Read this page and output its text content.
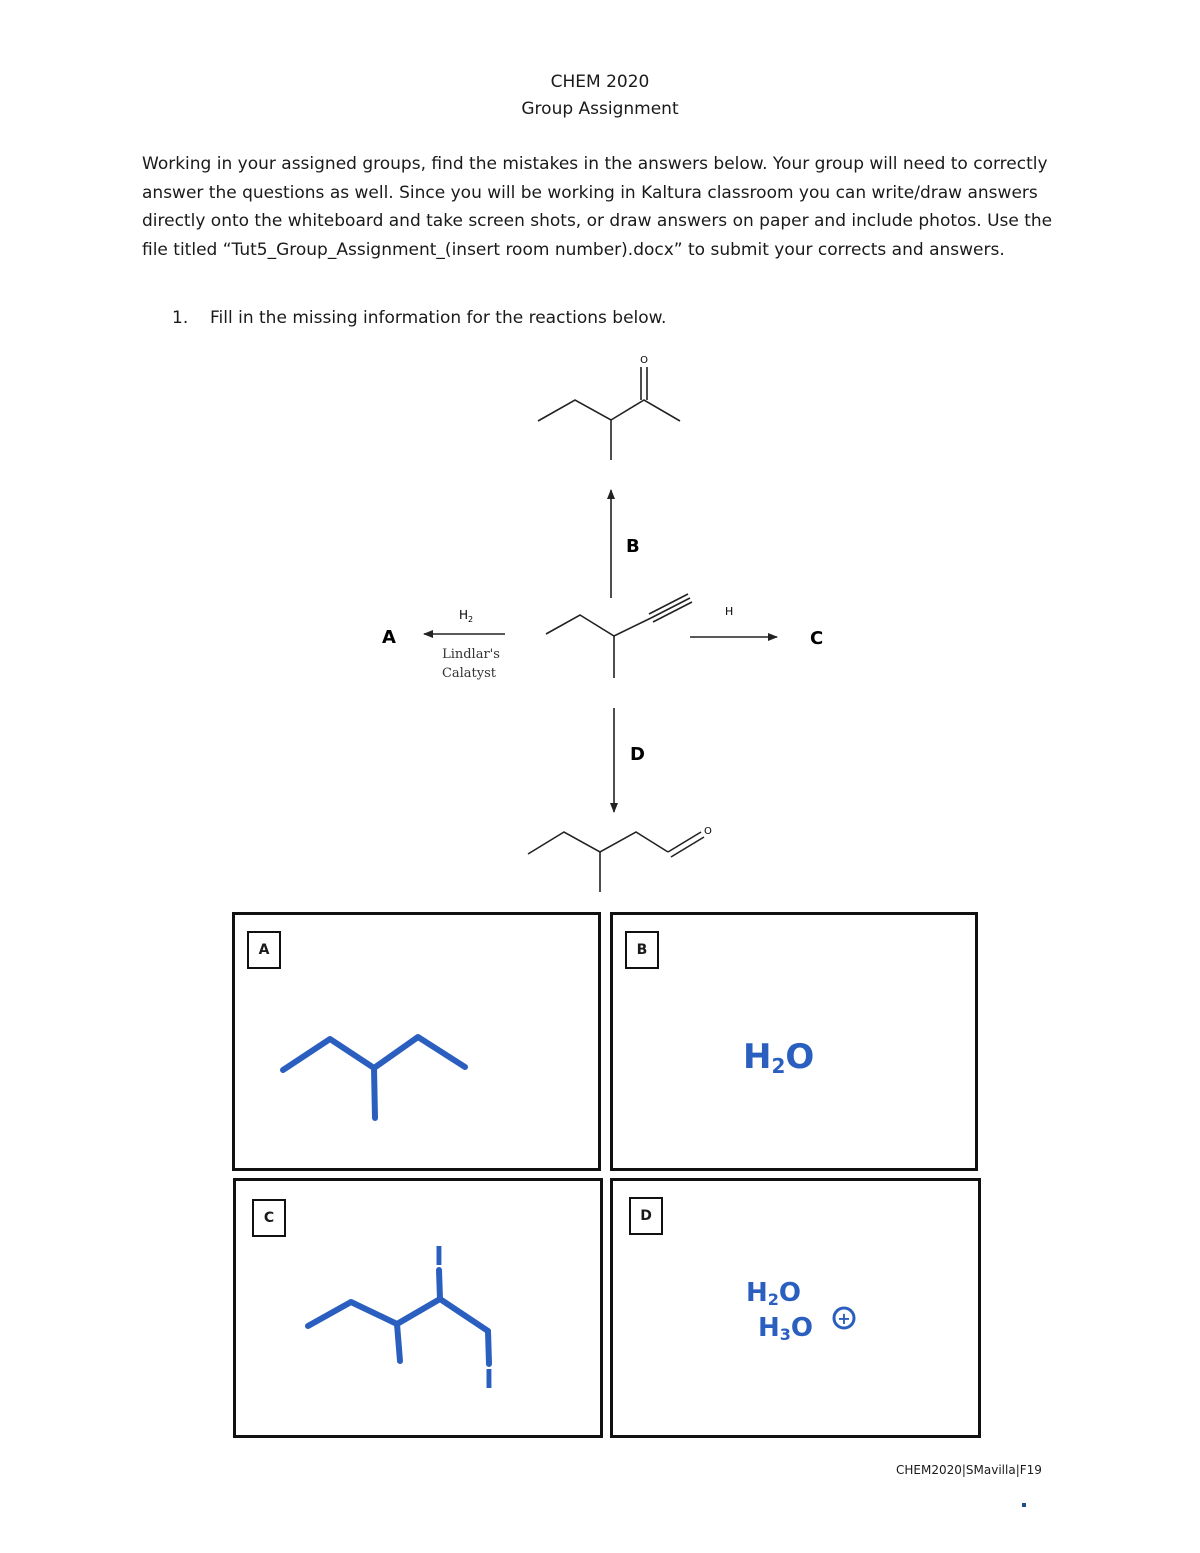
CHEM 2020
Group Assignment
Working in your assigned groups, find the mistakes in the answers below. Your group will need to correctly answer the questions as well. Since you will be working in Kaltura classroom you can write/draw answers directly onto the whiteboard and take screen shots, or draw answers on paper and include photos. Use the file titled “Tut5_Group_Assignment_(insert room number).docx” to submit your corrects and answers.
1. Fill in the missing information for the reactions below.
O
B
A
$H_2$
Lindlar's
Calatyst
H
C
D
O
A	B
H2O
C
I
I
D
H2O
H3O +
CHEM2020|SMavilla|F19
